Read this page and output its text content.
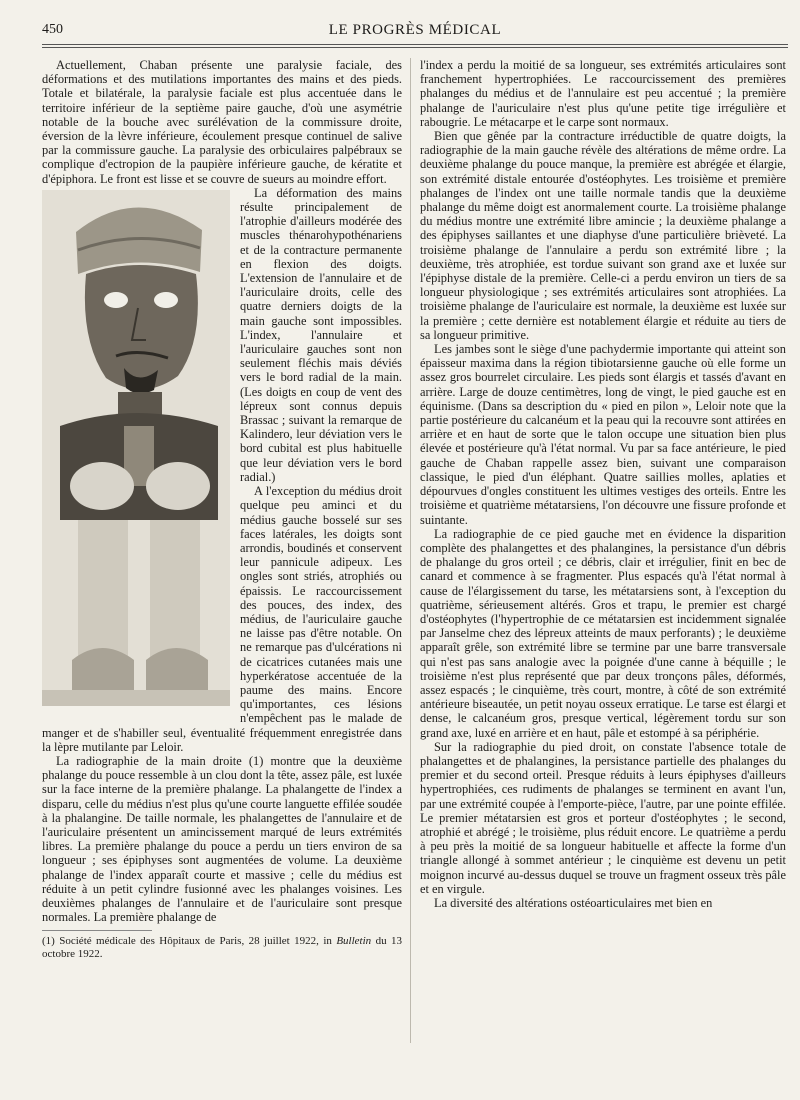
450	LE PROGRÈS MÉDICAL

Actuellement, Chaban présente une paralysie faciale, des déformations et des mutilations importantes des mains et des pieds. Totale et bilatérale, la paralysie faciale est plus accentuée dans le territoire inférieur de la septième paire gauche, d'où une asymétrie notable de la bouche avec surélévation de la commissure droite, éversion de la lèvre inférieure, écoulement presque continuel de salive par la commissure gauche. La paralysie des orbiculaires palpébraux se complique d'ectropion de la paupière inférieure gauche, de kératite et d'épiphora. Le front est lisse et se couvre de sueurs au moindre effort.

La déformation des mains résulte principalement de l'atrophie d'ailleurs modérée des muscles thénarohypothénariens et de la contracture permanente en flexion des doigts. L'extension de l'annulaire et de l'auriculaire droits, celle des quatre derniers doigts de la main gauche sont impossibles. L'index, l'annulaire et l'auriculaire gauches sont non seulement fléchis mais déviés vers le bord radial de la main. (Les doigts en coup de vent des lépreux sont connus depuis Brassac ; suivant la remarque de Kalindero, leur déviation vers le bord cubital est plus habituelle que leur déviation vers le bord radial.)

A l'exception du médius droit quelque peu aminci et du médius gauche bosselé sur ses faces latérales, les doigts sont arrondis, boudinés et conservent leur pannicule adipeux. Les ongles sont striés, atrophiés ou épaissis. Le raccourcissement des pouces, des index, des médius, de l'auriculaire gauche ne laisse pas d'être notable. On ne remarque pas d'ulcérations ni de cicatrices cutanées mais une hyperkératose accentuée de la paume des mains. Encore qu'importantes, ces lésions n'empêchent pas le malade de manger et de s'habiller seul, éventualité fréquemment enregistrée dans la lèpre mutilante par Leloir.

La radiographie de la main droite (1) montre que la deuxième phalange du pouce ressemble à un clou dont la tête, assez pâle, est luxée sur la face interne de la première phalange. La phalangette de l'index a disparu, celle du médius n'est plus qu'une courte languette effilée soudée à la phalangine. De taille normale, les phalangettes de l'annulaire et de l'auriculaire présentent un amincissement marqué de leurs extrémités libres. La première phalange du pouce a perdu un tiers environ de sa longueur ; ses épiphyses sont augmentées de volume. La deuxième phalange de l'index apparaît courte et massive ; celle du médius est réduite à un petit cylindre fusionné avec les phalanges voisines. Les deuxièmes phalanges de l'annulaire et de l'auriculaire sont presque normales. La première phalange de

(1) Société médicale des Hôpitaux de Paris, 28 juillet 1922, in Bulletin du 13 octobre 1922.

l'index a perdu la moitié de sa longueur, ses extrémités articulaires sont franchement hypertrophiées. Le raccourcissement des premières phalanges du médius et de l'annulaire est peu accentué ; la première phalange de l'auriculaire n'est plus qu'une petite tige irrégulière et rabougrie. Le métacarpe et le carpe sont normaux.

Bien que gênée par la contracture irréductible de quatre doigts, la radiographie de la main gauche révèle des altérations de même ordre. La deuxième phalange du pouce manque, la première est abrégée et élargie, son extrémité distale entourée d'ostéophytes. Les troisième et première phalanges de l'index ont une taille normale tandis que la deuxième phalange du même doigt est anormalement courte. La troisième phalange du médius montre une extrémité libre amincie ; la deuxième phalange a des épiphyses saillantes et une diaphyse d'une particulière brièveté. La troisième phalange de l'annulaire a perdu son extrémité libre ; la deuxième, très atrophiée, est tordue suivant son grand axe et luxée sur l'épiphyse distale de la première. Celle-ci a perdu environ un tiers de sa longueur physiologique ; ses extrémités articulaires sont atrophiées. La troisième phalange de l'auriculaire est normale, la deuxième est luxée sur la première ; cette dernière est notablement élargie et réduite au tiers de sa longueur primitive.

Les jambes sont le siège d'une pachydermie importante qui atteint son épaisseur maxima dans la région tibiotarsienne gauche où elle forme un assez gros bourrelet circulaire. Les pieds sont élargis et tassés d'avant en arrière. Large de douze centimètres, long de vingt, le pied gauche est en équinisme. (Dans sa description du « pied en pilon », Leloir note que la partie postérieure du calcanéum et la peau qui la recouvre sont attirées en arrière et en haut de sorte que le talon occupe une situation bien plus élevée et postérieure qu'à l'état normal. Vu par sa face antérieure, le pied gauche de Chaban rappelle assez bien, suivant une comparaison classique, le pied d'un éléphant. Quatre saillies molles, aplaties et dépourvues d'ongles constituent les ultimes vestiges des orteils. Entre les troisième et quatrième métatarsiens, l'on découvre une fissure profonde et suintante.

La radiographie de ce pied gauche met en évidence la disparition complète des phalangettes et des phalangines, la persistance d'un débris de phalange du gros orteil ; ce débris, clair et irrégulier, finit en bec de canard et commence à se fragmenter. Plus espacés qu'à l'état normal à cause de l'élargissement du tarse, les métatarsiens sont, à l'exception du quatrième, sérieusement altérés. Gros et trapu, le premier est chargé d'ostéophytes (l'hypertrophie de ce métatarsien est incidemment signalée par Janselme chez des lépreux atteints de maux perforants) ; le deuxième apparaît grêle, son extrémité libre se termine par une barre transversale qui n'est pas sans analogie avec la poignée d'une canne à béquille ; le troisième n'est plus représenté que par deux tronçons pâles, déformés, assez espacés ; le cinquième, très court, montre, à côté de son extrémité antérieure biseautée, un petit noyau osseux erratique. Le tarse est élargi et dense, le calcanéum gros, presque vertical, légèrement tordu sur son grand axe, luxé en arrière et en haut, pâle et estompé à sa périphérie.

Sur la radiographie du pied droit, on constate l'absence totale de phalangettes et de phalangines, la persistance partielle des phalanges du premier et du second orteil. Presque réduits à leurs épiphyses d'ailleurs hypertrophiées, ces rudiments de phalanges se terminent en avant l'un, par une extrémité coupée à l'emporte-pièce, l'autre, par une pointe effilée. Le premier métatarsien est gros et porteur d'ostéophytes ; le second, atrophié et abrégé ; le troisième, plus réduit encore. Le quatrième a perdu à peu près la moitié de sa longueur habituelle et affecte la forme d'un triangle allongé à sommet antérieur ; le cinquième est devenu un petit moignon incurvé au-dessus duquel se trouve un fragment osseux très pâle et en virgule.

La diversité des altérations ostéoarticulaires met bien en
